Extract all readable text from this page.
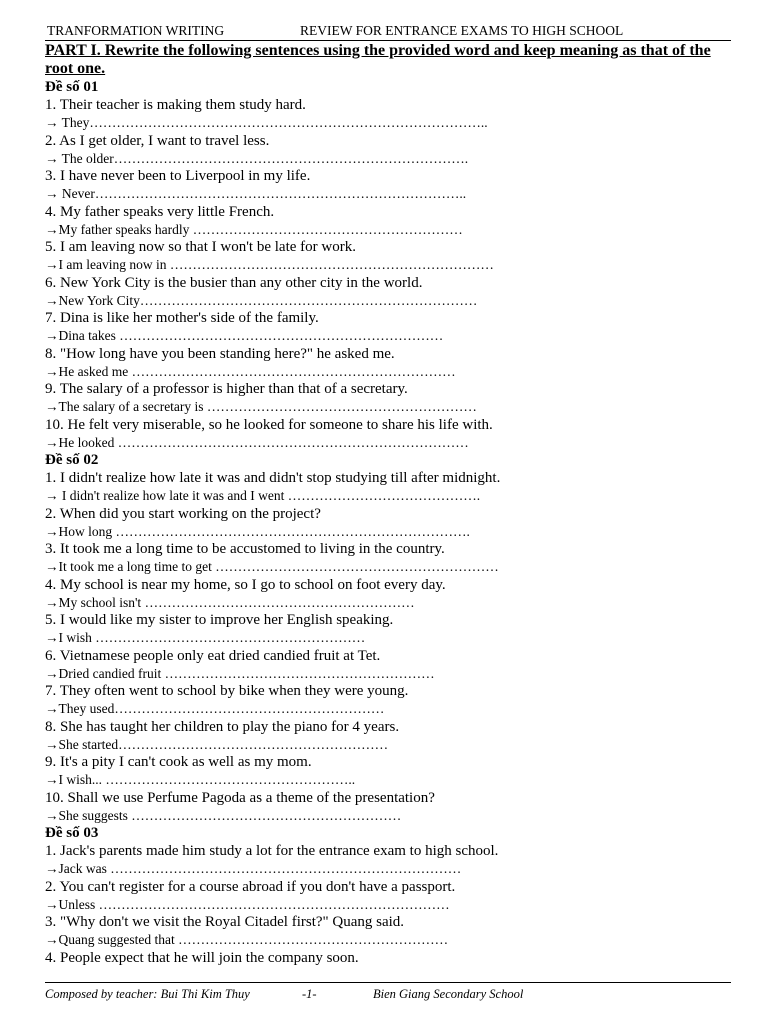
TRANFORMATION WRITING	REVIEW FOR ENTRANCE EXAMS TO HIGH SCHOOL
PART I. Rewrite the following sentences using the provided word and keep meaning as that of the root one.
Đề số 01
1. Their teacher is making them study hard.
→ They……………………………………………………………………………..
2. As I get older, I want to travel less.
→ The older…………………………………………………………………….
3. I have never been to Liverpool in my life.
→ Never………………………………………………………………………..
4. My father speaks very little French.
→My father speaks hardly ……………………………………………………
5. I am leaving now so that I won't be late for work.
→I am leaving now in ………………………………………………………………
6. New York City is the busier than any other city in the world.
→New York City…………………………………………………………………
7. Dina is like her mother's side of the family.
→Dina takes ………………………………………………………………
8. "How long have you been standing here?" he asked me.
→He asked me ………………………………………………………………
9. The salary of a professor is higher than that of a secretary.
→The salary of a secretary is ……………………………………………………
10. He felt very miserable, so he looked for someone to share his life with.
→He looked ……………………………………………………………………
Đề số 02
1. I didn't realize how late it was and didn't stop studying till after midnight.
→ I didn't realize how late it was and I went …………………………………….
2. When did you start working on the project?
→How long …………………………………………………………………….
3. It took me a long time to be accustomed to living in the country.
→It took me a long time to get ………………………………………………………
4. My school is near my home, so I go to school on foot every day.
→My school isn't ……………………………………………………
5. I would like my sister to improve her English speaking.
→I wish ……………………………………………………
6. Vietnamese people only eat dried candied fruit at Tet.
→Dried candied fruit ……………………………………………………
7. They often went to school by bike when they were young.
→They used……………………………………………………
8. She has taught her children to play the piano for 4 years.
→She started……………………………………………………
9. It's a pity I can't cook as well as my mom.
→I wish... ………………………………………………..
10. Shall we use Perfume Pagoda as a theme of the presentation?
→She suggests ……………………………………………………
Đề số 03
1. Jack's parents made him study a lot for the entrance exam to high school.
→Jack was ……………………………………………………………………
2. You can't register for a course abroad if you don't have a passport.
→Unless ……………………………………………………………………
3. "Why don't we visit the Royal Citadel first?" Quang said.
→Quang suggested that ……………………………………………………
4. People expect that he will join the company soon.
Composed by teacher: Bui Thi Kim Thuy	-1-	Bien Giang Secondary School
